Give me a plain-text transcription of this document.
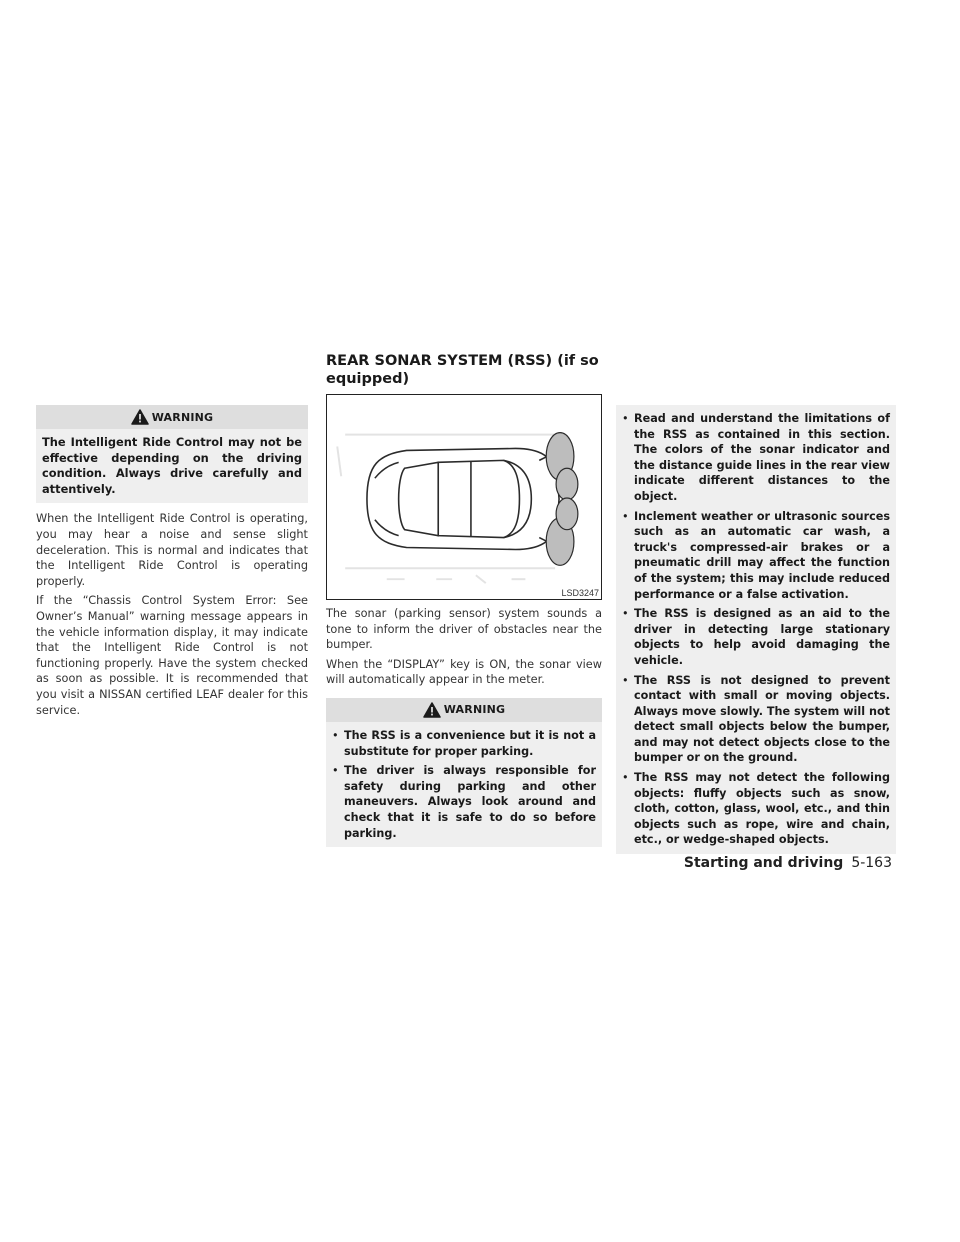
WARNING
The Intelligent Ride Control may not be effective depending on the driving condition. Always drive carefully and attentively.

When the Intelligent Ride Control is operating, you may hear a noise and sense slight deceleration. This is normal and indicates that the Intelligent Ride Control is operating properly.

If the “Chassis Control System Error: See Owner’s Manual” warning message appears in the vehicle information display, it may indicate that the Intelligent Ride Control is not functioning properly. Have the system checked as soon as possible. It is recommended that you visit a NISSAN certified LEAF dealer for this service.

REAR SONAR SYSTEM (RSS) (if so equipped)
LSD3247

The sonar (parking sensor) system sounds a tone to inform the driver of obstacles near the bumper.

When the “DISPLAY” key is ON, the sonar view will automatically appear in the meter.

WARNING
• The RSS is a convenience but it is not a substitute for proper parking.
• The driver is always responsible for safety during parking and other maneuvers. Always look around and check that it is safe to do so before parking.
• Read and understand the limitations of the RSS as contained in this section. The colors of the sonar indicator and the distance guide lines in the rear view indicate different distances to the object.
• Inclement weather or ultrasonic sources such as an automatic car wash, a truck's compressed-air brakes or a pneumatic drill may affect the function of the system; this may include reduced performance or a false activation.
• The RSS is designed as an aid to the driver in detecting large stationary objects to help avoid damaging the vehicle.
• The RSS is not designed to prevent contact with small or moving objects. Always move slowly. The system will not detect small objects below the bumper, and may not detect objects close to the bumper or on the ground.
• The RSS may not detect the following objects: fluffy objects such as snow, cloth, cotton, glass, wool, etc., and thin objects such as rope, wire and chain, etc., or wedge-shaped objects.
Starting and driving 5-163
